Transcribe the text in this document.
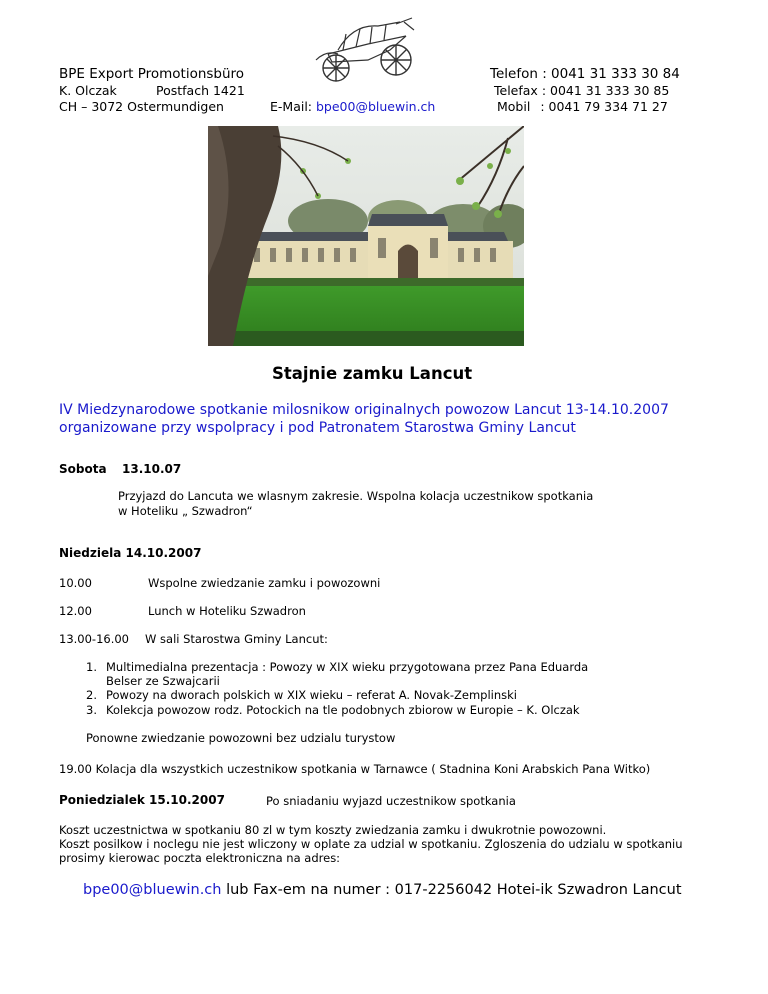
BPE Export Promotionsbüro
K. Olczak	Postfach 1421
CH – 3072 Ostermundigen	E-Mail: bpe00@bluewin.ch
Telefon : 0041 31 333 30 84
Telefax : 0041 31 333 30 85
Mobil : 0041 79 334 71 27
Stajnie zamku Lancut
IV Miedzynarodowe spotkanie milosnikow originalnych powozow Lancut 13-14.10.2007
organizowane przy wspolpracy i pod Patronatem Starostwa Gminy Lancut
Sobota 13.10.07
Przyjazd do Lancuta we wlasnym zakresie. Wspolna kolacja uczestnikow spotkania
w Hoteliku „ Szwadron“
Niedziela 14.10.2007
10.00	Wspolne zwiedzanie zamku i powozowni
12.00	Lunch w Hoteliku Szwadron
13.00-16.00 W sali Starostwa Gminy Lancut:
1. Multimedialna prezentacja : Powozy w XIX wieku przygotowana przez Pana Eduarda
Belser ze Szwajcarii
2. Powozy na dworach polskich w XIX wieku – referat A. Novak-Zemplinski
3. Kolekcja powozow rodz. Potockich na tle podobnych zbiorow w Europie – K. Olczak
Ponowne zwiedzanie powozowni bez udzialu turystow
19.00 Kolacja dla wszystkich uczestnikow spotkania w Tarnawce ( Stadnina Koni Arabskich Pana Witko)
Poniedzialek 15.10.2007	Po sniadaniu wyjazd uczestnikow spotkania
Koszt uczestnictwa w spotkaniu 80 zl w tym koszty zwiedzania zamku i dwukrotnie powozowni.
Koszt posilkow i noclegu nie jest wliczony w oplate za udzial w spotkaniu. Zgloszenia do udzialu w spotkaniu
prosimy kierowac poczta elektroniczna na adres:
bpe00@bluewin.ch lub Fax-em na numer : 017-2256042 Hotei-ik Szwadron Lancut
